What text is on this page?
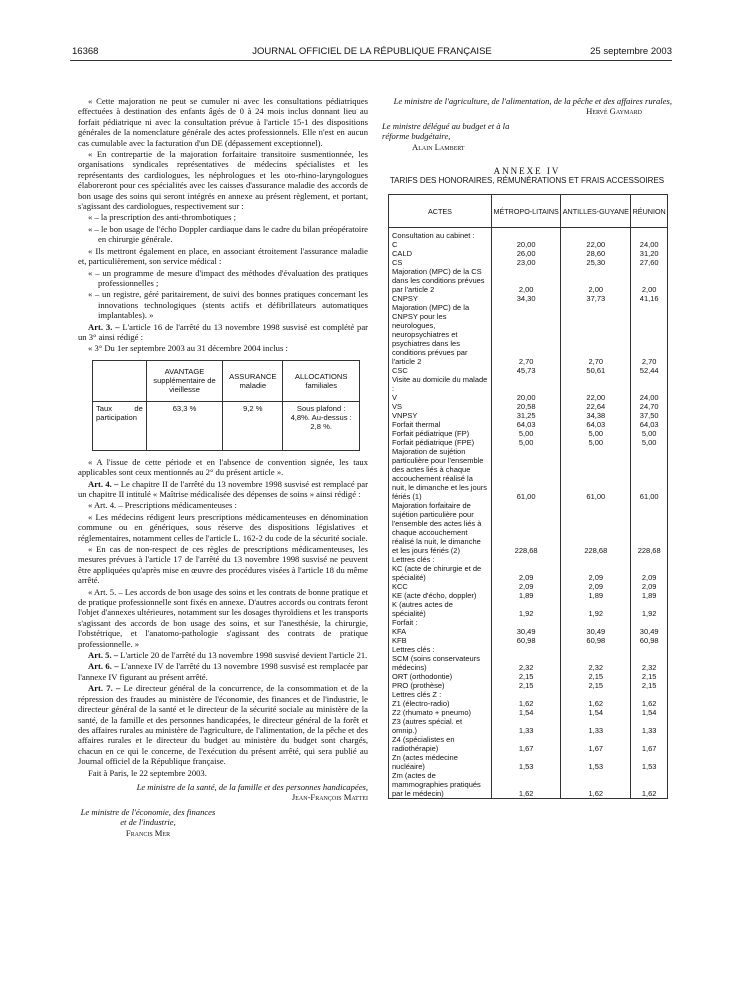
16368	JOURNAL OFFICIEL DE LA RÉPUBLIQUE FRANÇAISE	25 septembre 2003

« Cette majoration ne peut se cumuler ni avec les consultations pédiatriques effectuées à destination des enfants âgés de 0 à 24 mois inclus donnant lieu au forfait pédiatrique ni avec la consultation prévue à l'article 15-1 des dispositions générales de la nomenclature générale des actes professionnels. Elle n'est en aucun cas cumulable avec la facturation d'un DE (dépassement exceptionnel).

« En contrepartie de la majoration forfaitaire transitoire susmentionnée, les organisations syndicales représentatives de médecins spécialistes et les représentants des cardiologues, les néphrologues et les oto-rhino-laryngologues élaboreront pour ces spécialités avec les caisses d'assurance maladie des accords de bon usage des soins qui seront intégrés en annexe au présent règlement, et portant, s'agissant des cardiologues, respectivement sur :

« – la prescription des anti-thrombotiques ;

« – le bon usage de l'écho Doppler cardiaque dans le cadre du bilan préopératoire en chirurgie générale.

« Ils mettront également en place, en associant étroitement l'assurance maladie et, particulièrement, son service médical :

« – un programme de mesure d'impact des méthodes d'évaluation des pratiques professionnelles ;

« – un registre, géré paritairement, de suivi des bonnes pratiques concernant les innovations technologiques (stents actifs et défibrillateurs automatiques implantables). »

Art. 3. – L'article 16 de l'arrêté du 13 novembre 1998 susvisé est complété par un 3° ainsi rédigé :

« 3° Du 1er septembre 2003 au 31 décembre 2004 inclus :

	AVANTAGE supplémentaire de vieillesse	ASSURANCE maladie	ALLOCATIONS familiales
Taux de participation	63,3 %	9,2 %	Sous plafond : 4,8%. Au-dessus : 2,8 %.

« A l'issue de cette période et en l'absence de convention signée, les taux applicables sont ceux mentionnés au 2° du présent article ».

Art. 4. – Le chapitre II de l'arrêté du 13 novembre 1998 susvisé est remplacé par un chapitre II intitulé « Maîtrise médicalisée des dépenses de soins » ainsi rédigé :

« Art. 4. – Prescriptions médicamenteuses :

« Les médecins rédigent leurs prescriptions médicamenteuses en dénomination commune ou en génériques, sous réserve des dispositions législatives et réglementaires, notamment celles de l'article L. 162-2 du code de la sécurité sociale.

« En cas de non-respect de ces règles de prescriptions médicamenteuses, les mesures prévues à l'article 17 de l'arrêté du 13 novembre 1998 susvisé ne peuvent être appliquées qu'après mise en œuvre des procédures visées à l'article 18 du même arrêté.

« Art. 5. – Les accords de bon usage des soins et les contrats de bonne pratique et de pratique professionnelle sont fixés en annexe. D'autres accords ou contrats feront l'objet d'annexes ultérieures, notamment sur les dosages thyroïdiens et les transports s'agissant des accords de bon usage des soins, et sur l'anesthésie, la chirurgie, l'obstétrique, et l'anatomo-pathologie s'agissant des contrats de pratique professionnelle. »

Art. 5. – L'article 20 de l'arrêté du 13 novembre 1998 susvisé devient l'article 21.

Art. 6. – L'annexe IV de l'arrêté du 13 novembre 1998 susvisé est remplacée par l'annexe IV figurant au présent arrêté.

Art. 7. – Le directeur général de la concurrence, de la consommation et de la répression des fraudes au ministère de l'économie, des finances et de l'industrie, le directeur général de la santé et le directeur de la sécurité sociale au ministère de la santé, de la famille et des personnes handicapées, le directeur général de la forêt et des affaires rurales au ministère de l'agriculture, de l'alimentation, de la pêche et des affaires rurales et le directeur du budget au ministère du budget sont chargés, chacun en ce qui le concerne, de l'exécution du présent arrêté, qui sera publié au Journal officiel de la République française.

Fait à Paris, le 22 septembre 2003.

Le ministre de la santé, de la famille et des personnes handicapées,
Jean-François Mattei
Le ministre de l'économie, des finances et de l'industrie,
Francis Mer
Le ministre de l'agriculture, de l'alimentation, de la pêche et des affaires rurales,
Hervé Gaymard
Le ministre délégué au budget et à la réforme budgétaire,
Alain Lambert
ANNEXE IV
TARIFS DES HONORAIRES, RÉMUNÉRATIONS ET FRAIS ACCESSOIRES
ACTES	MÉTROPO-LITAINS	ANTILLES-GUYANE	RÉUNION
Consultation au cabinet :			
C	20,00	22,00	24,00
CALD	26,00	28,60	31,20
CS	23,00	25,30	27,60
Majoration (MPC) de la CS dans les conditions prévues par l'article 2	2,00	2,00	2,00
CNPSY	34,30	37,73	41,16
Majoration (MPC) de la CNPSY pour les neurologues, neuropsychiatres et psychiatres dans les conditions prévues par l'article 2	2,70	2,70	2,70
CSC	45,73	50,61	52,44
Visite au domicile du malade :			
V	20,00	22,00	24,00
VS	20,58	22,64	24,70
VNPSY	31,25	34,38	37,50
Forfait thermal	64,03	64,03	64,03
Forfait pédiatrique (FP)	5,00	5,00	5,00
Forfait pédiatrique (FPE)	5,00	5,00	5,00
Majoration de sujétion particulière pour l'ensemble des actes liés à chaque accouchement réalisé la nuit, le dimanche et les jours fériés (1)	61,00	61,00	61,00
Majoration forfaitaire de sujétion particulière pour l'ensemble des actes liés à chaque accouchement réalisé la nuit, le dimanche et les jours fériés (2)	228,68	228,68	228,68
Lettres clés :			
KC (acte de chirurgie et de spécialité)	2,09	2,09	2,09
KCC	2,09	2,09	2,09
KE (acte d'écho, doppler)	1,89	1,89	1,89
K (autres actes de spécialité)	1,92	1,92	1,92
Forfait :			
KFA	30,49	30,49	30,49
KFB	60,98	60,98	60,98
Lettres clés :			
SCM (soins conservateurs médecins)	2,32	2,32	2,32
ORT (orthodontie)	2,15	2,15	2,15
PRO (prothèse)	2,15	2,15	2,15
Lettres clés Z :			
Z1 (électro-radio)	1,62	1,62	1,62
Z2 (rhumato + pneumo)	1,54	1,54	1,54
Z3 (autres spécial. et omnip.)	1,33	1,33	1,33
Z4 (spécialistes en radiothérapie)	1,67	1,67	1,67
Zn (actes médecine nucléaire)	1,53	1,53	1,53
Zm (actes de mammographies pratiqués par le médecin)	1,62	1,62	1,62
